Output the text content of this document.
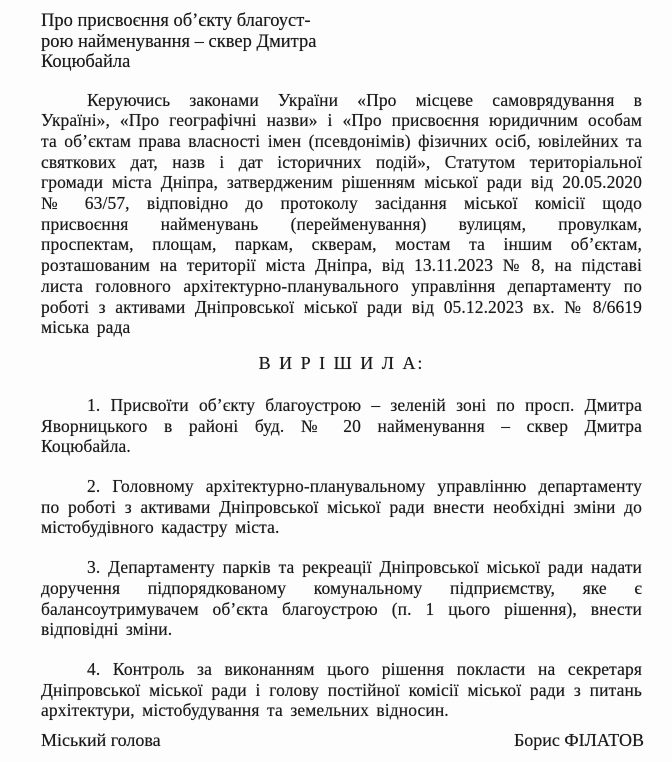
Про присвоєння об’єкту благоуст-
рою найменування – сквер Дмитра
Коцюбайла

Керуючись законами України «Про місцеве самоврядування в Україні», «Про географічні назви» і «Про присвоєння юридичним особам та об’єктам права власності імен (псевдонімів) фізичних осіб, ювілейних та святкових дат, назв і дат історичних подій», Статутом територіальної громади міста Дніпра, затвердженим рішенням міської ради від 20.05.2020 № 63/57, відповідно до протоколу засідання міської комісії щодо присвоєння найменувань (перейменування) вулицям, провулкам, проспектам, площам, паркам, скверам, мостам та іншим об’єктам, розташованим на території міста Дніпра, від 13.11.2023 № 8, на підставі листа головного архітектурно-планувального управління департаменту по роботі з активами Дніпровської міської ради від 05.12.2023 вх. № 8/6619 міська рада

В И Р І Ш И Л А:

1. Присвоїти об’єкту благоустрою – зеленій зоні по просп. Дмитра Яворницького в районі буд. № 20 найменування – сквер Дмитра Коцюбайла.

2. Головному архітектурно-планувальному управлінню департаменту по роботі з активами Дніпровської міської ради внести необхідні зміни до містобудівного кадастру міста.

3. Департаменту парків та рекреації Дніпровської міської ради надати доручення підпорядкованому комунальному підприємству, яке є балансоутримувачем об’єкта благоустрою (п. 1 цього рішення), внести відповідні зміни.

4. Контроль за виконанням цього рішення покласти на секретаря Дніпровської міської ради і голову постійної комісії міської ради з питань архітектури, містобудування та земельних відносин.

Міський голова	Борис ФІЛАТОВ
